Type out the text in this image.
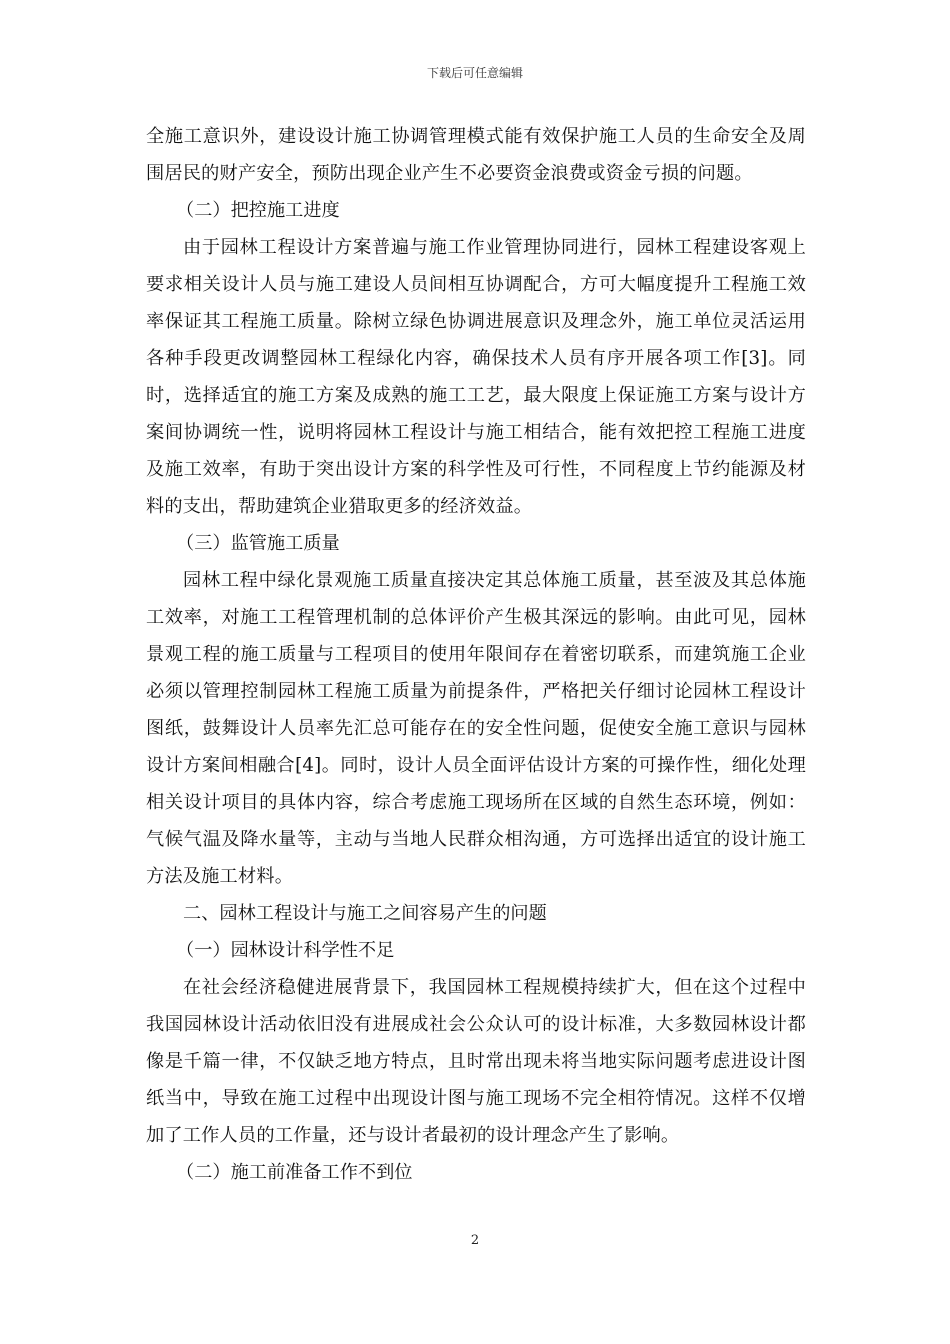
下载后可任意编辑

全施工意识外，建设设计施工协调管理模式能有效保护施工人员的生命安全及周围居民的财产安全，预防出现企业产生不必要资金浪费或资金亏损的问题。

（二）把控施工进度

由于园林工程设计方案普遍与施工作业管理协同进行，园林工程建设客观上要求相关设计人员与施工建设人员间相互协调配合，方可大幅度提升工程施工效率保证其工程施工质量。除树立绿色协调进展意识及理念外，施工单位灵活运用各种手段更改调整园林工程绿化内容，确保技术人员有序开展各项工作[3]。同时，选择适宜的施工方案及成熟的施工工艺，最大限度上保证施工方案与设计方案间协调统一性，说明将园林工程设计与施工相结合，能有效把控工程施工进度及施工效率，有助于突出设计方案的科学性及可行性，不同程度上节约能源及材料的支出，帮助建筑企业猎取更多的经济效益。

（三）监管施工质量

园林工程中绿化景观施工质量直接决定其总体施工质量，甚至波及其总体施工效率，对施工工程管理机制的总体评价产生极其深远的影响。由此可见，园林景观工程的施工质量与工程项目的使用年限间存在着密切联系，而建筑施工企业必须以管理控制园林工程施工质量为前提条件，严格把关仔细讨论园林工程设计图纸，鼓舞设计人员率先汇总可能存在的安全性问题，促使安全施工意识与园林设计方案间相融合[4]。同时，设计人员全面评估设计方案的可操作性，细化处理相关设计项目的具体内容，综合考虑施工现场所在区域的自然生态环境，例如：气候气温及降水量等，主动与当地人民群众相沟通，方可选择出适宜的设计施工方法及施工材料。

二、园林工程设计与施工之间容易产生的问题

（一）园林设计科学性不足

在社会经济稳健进展背景下，我国园林工程规模持续扩大，但在这个过程中我国园林设计活动依旧没有进展成社会公众认可的设计标准，大多数园林设计都像是千篇一律，不仅缺乏地方特点，且时常出现未将当地实际问题考虑进设计图纸当中，导致在施工过程中出现设计图与施工现场不完全相符情况。这样不仅增加了工作人员的工作量，还与设计者最初的设计理念产生了影响。

（二）施工前准备工作不到位

2
